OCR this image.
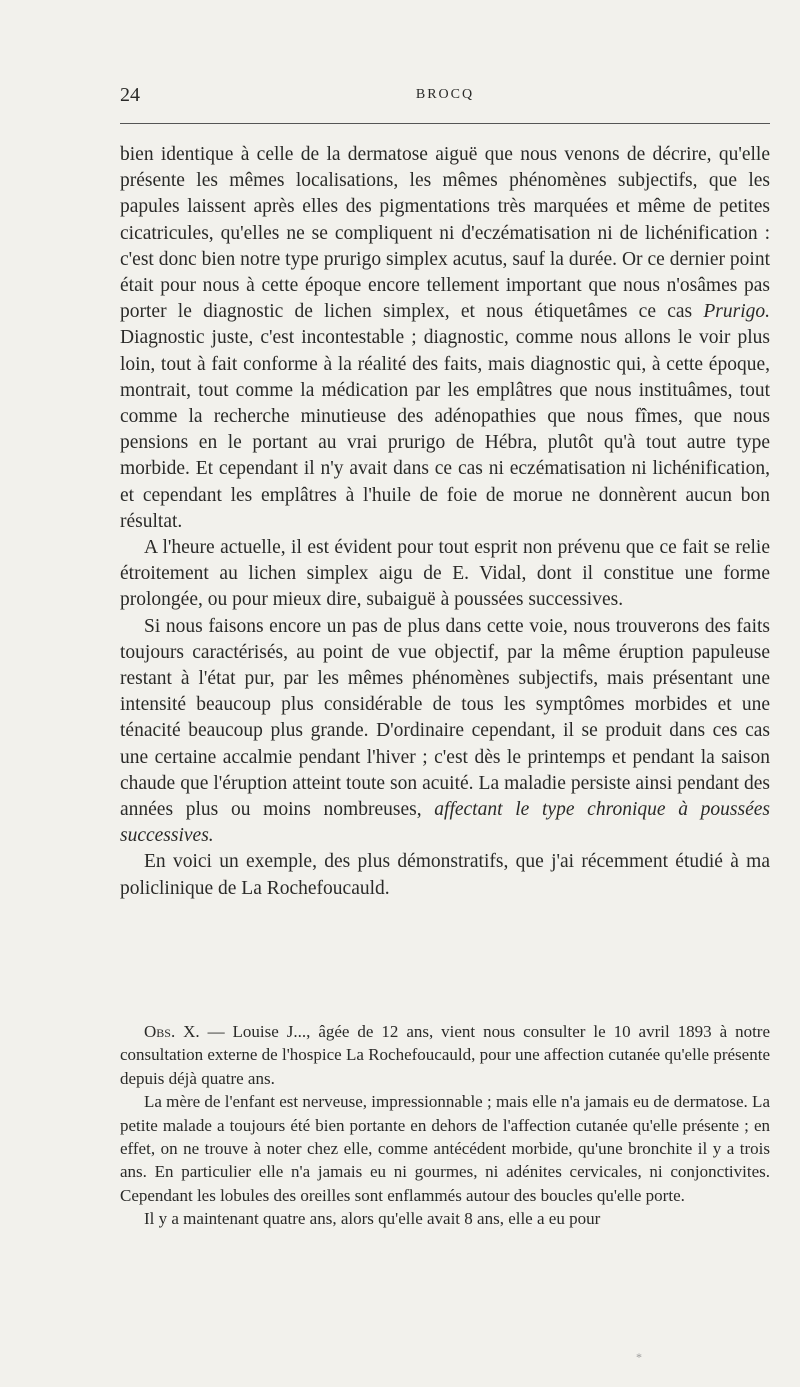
24	BROCQ

bien identique à celle de la dermatose aiguë que nous venons de décrire, qu'elle présente les mêmes localisations, les mêmes phénomènes subjectifs, que les papules laissent après elles des pigmentations très marquées et même de petites cicatricules, qu'elles ne se compliquent ni d'eczématisation ni de lichénification : c'est donc bien notre type prurigo simplex acutus, sauf la durée. Or ce dernier point était pour nous à cette époque encore tellement important que nous n'osâmes pas porter le diagnostic de lichen simplex, et nous étiquetâmes ce cas Prurigo. Diagnostic juste, c'est incontestable ; diagnostic, comme nous allons le voir plus loin, tout à fait conforme à la réalité des faits, mais diagnostic qui, à cette époque, montrait, tout comme la médication par les emplâtres que nous instituâmes, tout comme la recherche minutieuse des adénopathies que nous fîmes, que nous pensions en le portant au vrai prurigo de Hébra, plutôt qu'à tout autre type morbide. Et cependant il n'y avait dans ce cas ni eczématisation ni lichénification, et cependant les emplâtres à l'huile de foie de morue ne donnèrent aucun bon résultat.

A l'heure actuelle, il est évident pour tout esprit non prévenu que ce fait se relie étroitement au lichen simplex aigu de E. Vidal, dont il constitue une forme prolongée, ou pour mieux dire, subaiguë à poussées successives.

Si nous faisons encore un pas de plus dans cette voie, nous trouverons des faits toujours caractérisés, au point de vue objectif, par la même éruption papuleuse restant à l'état pur, par les mêmes phénomènes subjectifs, mais présentant une intensité beaucoup plus considérable de tous les symptômes morbides et une ténacité beaucoup plus grande. D'ordinaire cependant, il se produit dans ces cas une certaine accalmie pendant l'hiver ; c'est dès le printemps et pendant la saison chaude que l'éruption atteint toute son acuité. La maladie persiste ainsi pendant des années plus ou moins nombreuses, affectant le type chronique à poussées successives.

En voici un exemple, des plus démonstratifs, que j'ai récemment étudié à ma policlinique de La Rochefoucauld.

Obs. X. — Louise J..., âgée de 12 ans, vient nous consulter le 10 avril 1893 à notre consultation externe de l'hospice La Rochefoucauld, pour une affection cutanée qu'elle présente depuis déjà quatre ans.

La mère de l'enfant est nerveuse, impressionnable ; mais elle n'a jamais eu de dermatose. La petite malade a toujours été bien portante en dehors de l'affection cutanée qu'elle présente ; en effet, on ne trouve à noter chez elle, comme antécédent morbide, qu'une bronchite il y a trois ans. En particulier elle n'a jamais eu ni gourmes, ni adénites cervicales, ni conjonctivites. Cependant les lobules des oreilles sont enflammés autour des boucles qu'elle porte.

Il y a maintenant quatre ans, alors qu'elle avait 8 ans, elle a eu pour

*
